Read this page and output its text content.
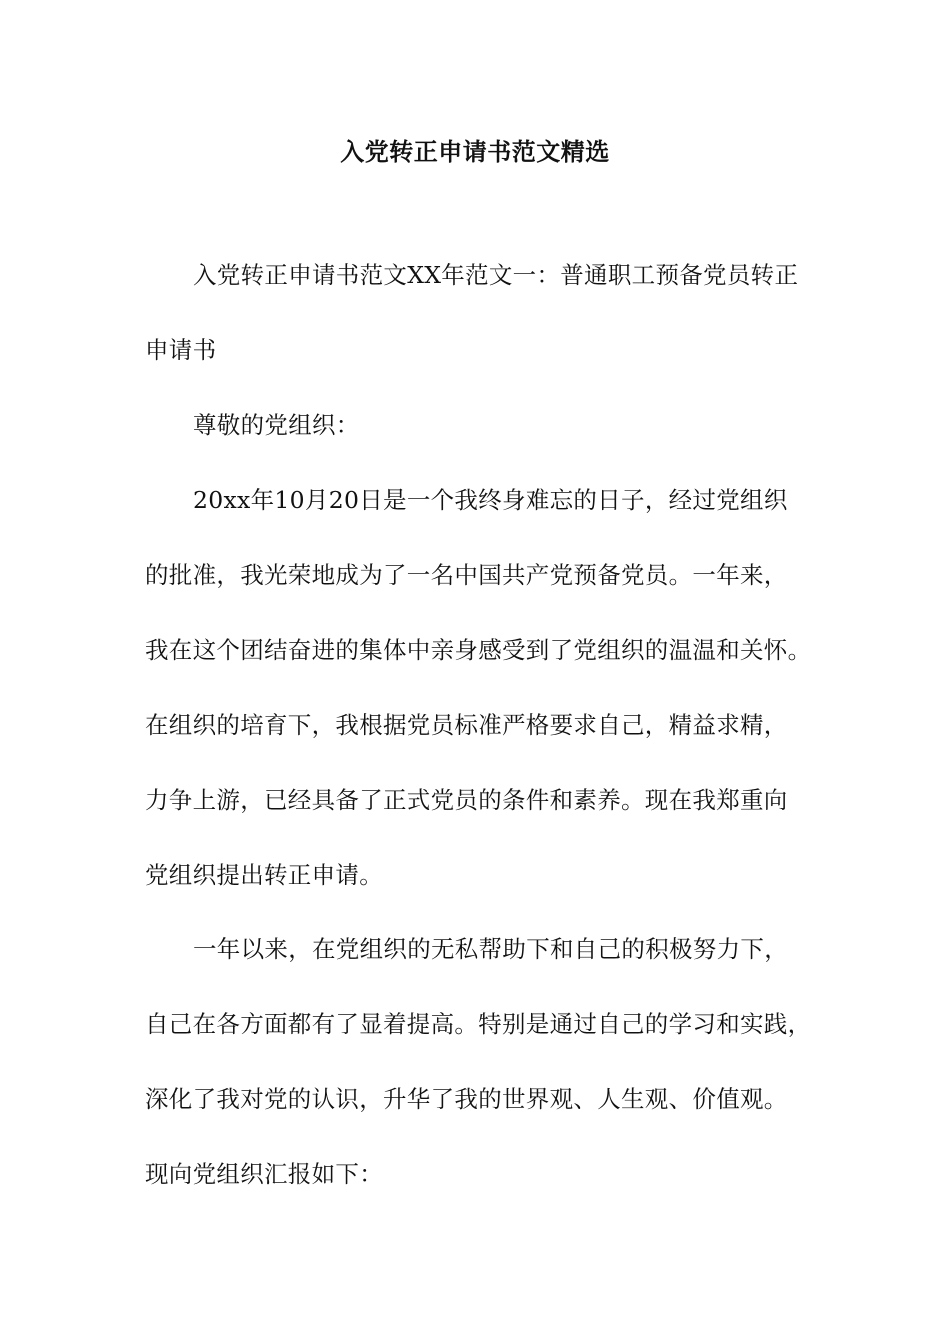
入党转正申请书范文精选
入党转正申请书范文XX年范文一：普通职工预备党员转正
申请书
尊敬的党组织：
20xx年10月20日是一个我终身难忘的日子，经过党组织
的批准，我光荣地成为了一名中国共产党预备党员。一年来，
我在这个团结奋进的集体中亲身感受到了党组织的温温和关怀。
在组织的培育下，我根据党员标准严格要求自己，精益求精，
力争上游，已经具备了正式党员的条件和素养。现在我郑重向
党组织提出转正申请。
一年以来，在党组织的无私帮助下和自己的积极努力下，
自己在各方面都有了显着提高。特别是通过自己的学习和实践，
深化了我对党的认识，升华了我的世界观、人生观、价值观。
现向党组织汇报如下：
